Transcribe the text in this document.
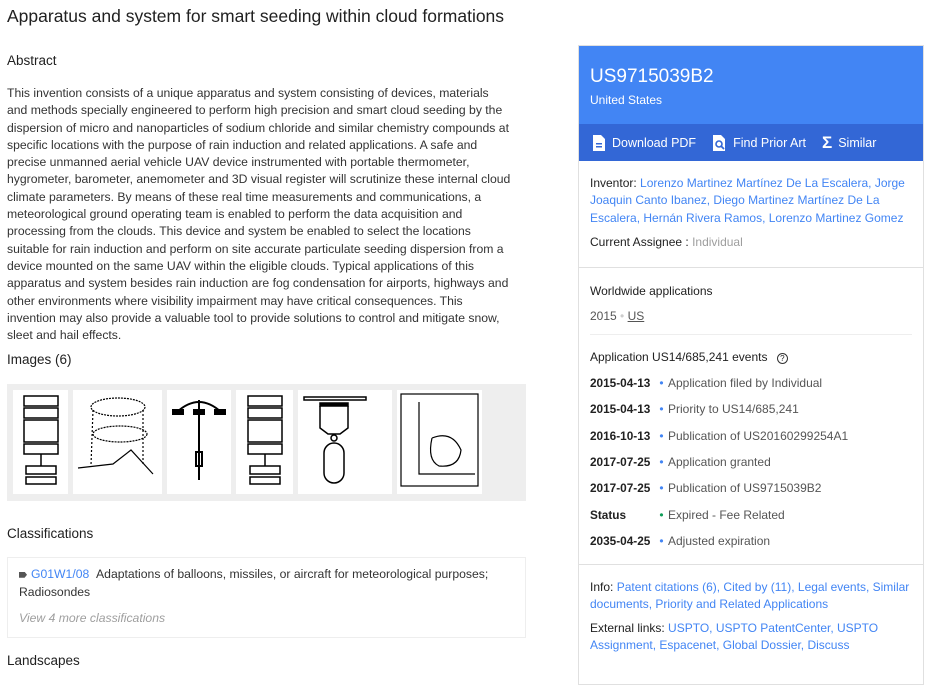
Apparatus and system for smart seeding within cloud formations
Abstract
This invention consists of a unique apparatus and system consisting of devices, materials and methods specially engineered to perform high precision and smart cloud seeding by the dispersion of micro and nanoparticles of sodium chloride and similar chemistry compounds at specific locations with the purpose of rain induction and related applications. A safe and precise unmanned aerial vehicle UAV device instrumented with portable thermometer, hygrometer, barometer, anemometer and 3D visual register will scrutinize these internal cloud climate parameters. By means of these real time measurements and communications, a meteorological ground operating team is enabled to perform the data acquisition and processing from the clouds. This device and system be enabled to select the locations suitable for rain induction and perform on site accurate particulate seeding dispersion from a device mounted on the same UAV within the eligible clouds. Typical applications of this apparatus and system besides rain induction are fog condensation for airports, highways and other environments where visibility impairment may have critical consequences. This invention may also provide a valuable tool to provide solutions to control and mitigate snow, sleet and hail effects.
Images (6)
Classifications
G01W1/08 Adaptations of balloons, missiles, or aircraft for meteorological purposes; Radiosondes
View 4 more classifications
Landscapes
US9715039B2
United States
Download PDF	Find Prior Art Σ Similar
Inventor: Lorenzo Martinez Martínez De La Escalera, Jorge Joaquin Canto Ibanez, Diego Martinez Martínez De La Escalera, Hernán Rivera Ramos, Lorenzo Martinez Gomez
Current Assignee : Individual
Worldwide applications
2015 • US
Application US14/685,241 events ?
2015-04-13 • Application filed by Individual
2015-04-13 • Priority to US14/685,241
2016-10-13 • Publication of US20160299254A1
2017-07-25 • Application granted
2017-07-25 • Publication of US9715039B2
Status	• Expired - Fee Related
2035-04-25 • Adjusted expiration
Info: Patent citations (6), Cited by (11), Legal events, Similar documents, Priority and Related Applications
External links: USPTO, USPTO PatentCenter, USPTO Assignment, Espacenet, Global Dossier, Discuss
